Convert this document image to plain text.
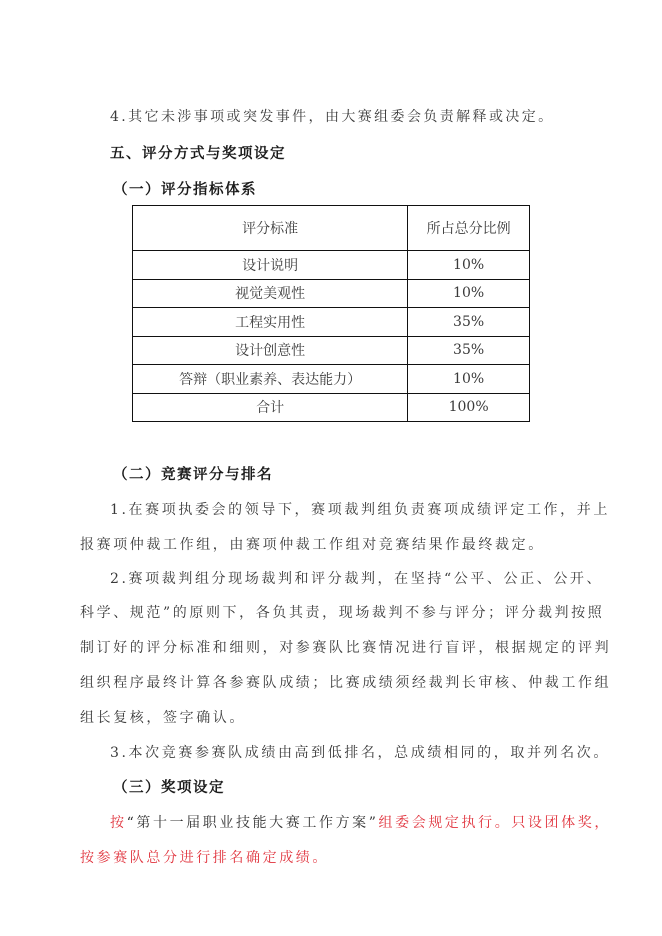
4.其它未涉事项或突发事件，由大赛组委会负责解释或决定。
五、评分方式与奖项设定
（一）评分指标体系
评分标准	所占总分比例
设计说明	10%
视觉美观性	10%
工程实用性	35%
设计创意性	35%
答辩（职业素养、表达能力）	10%
合计	100%
（二）竞赛评分与排名
1.在赛项执委会的领导下，赛项裁判组负责赛项成绩评定工作，并上
报赛项仲裁工作组，由赛项仲裁工作组对竞赛结果作最终裁定。
2.赛项裁判组分现场裁判和评分裁判，在坚持“公平、公正、公开、
科学、规范”的原则下，各负其责，现场裁判不参与评分；评分裁判按照
制订好的评分标准和细则，对参赛队比赛情况进行盲评，根据规定的评判
组织程序最终计算各参赛队成绩；比赛成绩须经裁判长审核、仲裁工作组
组长复核，签字确认。
3.本次竞赛参赛队成绩由高到低排名，总成绩相同的，取并列名次。
（三）奖项设定
按“第十一届职业技能大赛工作方案”组委会规定执行。只设团体奖，
按参赛队总分进行排名确定成绩。
